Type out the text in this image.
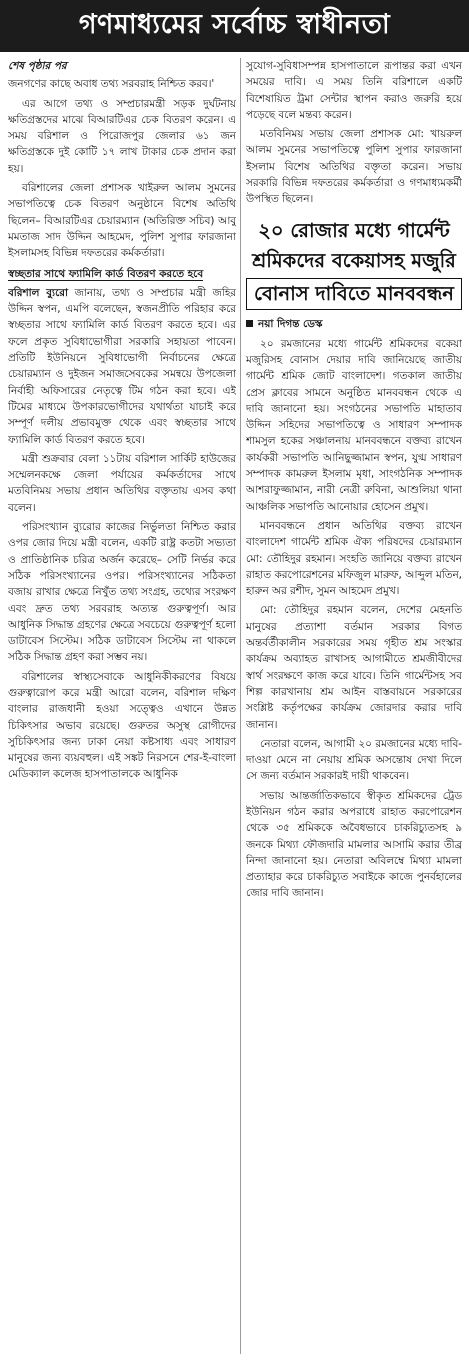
গণমাধ্যমের সর্বোচ্চ স্বাধীনতা
শেষ পৃষ্ঠার পর

জনগণের কাছে অবাধ তথ্য সরবরাহ নিশ্চিত করব।'

এর আগে তথ্য ও সম্প্রচারমন্ত্রী সড়ক দুর্ঘটনায় ক্ষতিগ্রস্তদের মাঝে বিআরটিএর চেক বিতরণ করেন। এ সময় বরিশাল ও পিরোজপুর জেলার ৬১ জন ক্ষতিগ্রস্তকে দুই কোটি ১৭ লাখ টাকার চেক প্রদান করা হয়।

বরিশালের জেলা প্রশাসক খাইরুল আলম সুমনের সভাপতিত্বে চেক বিতরণ অনুষ্ঠানে বিশেষ অতিথি ছিলেন– বিআরটিএর চেয়ারম্যান (অতিরিক্ত সচিব) আবু মমতাজ সাদ উদ্দিন আহমেদ, পুলিশ সুপার ফারজানা ইসলামসহ বিভিন্ন দফতরের কর্মকর্তারা।

স্বচ্ছতার সাথে ফ্যামিলি কার্ড বিতরণ করতে হবে

বরিশাল ব্যুরো জানায়, তথ্য ও সম্প্রচার মন্ত্রী জহির উদ্দিন স্বপন, এমপি বলেছেন, স্বজনপ্রীতি পরিহার করে স্বচ্ছতার সাথে ফ্যামিলি কার্ড বিতরণ করতে হবে। এর ফলে প্রকৃত সুবিধাভোগীরা সরকারি সহায়তা পাবেন। প্রতিটি ইউনিয়নে সুবিধাভোগী নির্বাচনের ক্ষেত্রে চেয়ারম্যান ও দুইজন সমাজসেবকের সমন্বয়ে উপজেলা নির্বাহী অফিসারের নেতৃত্বে টিম গঠন করা হবে। এই টিমের মাধ্যমে উপকারভোগীদের যথার্থতা যাচাই করে সম্পূর্ণ দলীয় প্রভাবমুক্ত থেকে এবং স্বচ্ছতার সাথে ফ্যামিলি কার্ড বিতরণ করতে হবে।

মন্ত্রী শুক্রবার বেলা ১১টায় বরিশাল সার্কিট হাউজের সম্মেলনকক্ষে জেলা পর্যায়ের কর্মকর্তাদের সাথে মতবিনিময় সভায় প্রধান অতিথির বক্তৃতায় এসব কথা বলেন।

পরিসংখ্যান ব্যুরোর কাজের নির্ভুলতা নিশ্চিত করার ওপর জোর দিয়ে মন্ত্রী বলেন, একটি রাষ্ট্র কতটা সভ্যতা ও প্রাতিষ্ঠানিক চরিত্র অর্জন করেছে– সেটি নির্ভর করে সঠিক পরিসংখ্যানের ওপর। পরিসংখ্যানের সঠিকতা বজায় রাখার ক্ষেত্রে নিখুঁত তথ্য সংগ্রহ, তথ্যের সংরক্ষণ এবং দ্রুত তথ্য সরবরাহ অত্যন্ত গুরুত্বপূর্ণ। আর আধুনিক সিদ্ধান্ত গ্রহণের ক্ষেত্রে সবচেয়ে গুরুত্বপূর্ণ হলো ডাটাবেস সিস্টেম। সঠিক ডাটাবেস সিস্টেম না থাকলে সঠিক সিদ্ধান্ত গ্রহণ করা সম্ভব নয়।

বরিশালের স্বাস্থ্যসেবাকে আধুনিকীকরণের বিষয়ে গুরুত্বারোপ করে মন্ত্রী আরো বলেন, বরিশাল দক্ষিণ বাংলার রাজধানী হওয়া সত্ত্বেও এখানে উন্নত চিকিৎসার অভাব রয়েছে। গুরুতর অসুস্থ রোগীদের সুচিকিৎসার জন্য ঢাকা নেয়া কষ্টসাধ্য এবং সাধারণ মানুষের জন্য ব্যয়বহুল। এই সঙ্কট নিরসনে শের-ই-বাংলা মেডিক্যাল কলেজ হাসপাতালকে আধুনিক

সুযোগ-সুবিধাসম্পন্ন হাসপাতালে রূপান্তর করা এখন সময়ের দাবি। এ সময় তিনি বরিশালে একটি বিশেষায়িত ট্রমা সেন্টার স্থাপন করাও জরুরি হয়ে পড়েছে বলে মন্তব্য করেন।

মতবিনিময় সভায় জেলা প্রশাসক মো: খায়রুল আলম সুমনের সভাপতিত্বে পুলিশ সুপার ফারজানা ইসলাম বিশেষ অতিথির বক্তৃতা করেন। সভায় সরকারি বিভিন্ন দফতরের কর্মকর্তারা ও গণমাধ্যমকর্মী উপস্থিত ছিলেন।

২০ রোজার মধ্যে গার্মেন্ট
শ্রমিকদের বকেয়াসহ মজুরি
বোনাস দাবিতে মানববন্ধন
নয়া দিগন্ত ডেস্ক

২০ রমজানের মধ্যে গার্মেন্ট শ্রমিকদের বকেয়া মজুরিসহ বোনাস দেয়ার দাবি জানিয়েছে জাতীয় গার্মেন্ট শ্রমিক জোট বাংলাদেশ। গতকাল জাতীয় প্রেস ক্লাবের সামনে অনুষ্ঠিত মানববন্ধন থেকে এ দাবি জানানো হয়। সংগঠনের সভাপতি মাহাতাব উদ্দিন সহিদের সভাপতিত্বে ও সাধারণ সম্পাদক শামসুল হকের সঞ্চালনায় মানববন্ধনে বক্তব্য রাখেন কার্যকরী সভাপতি আনিছুজ্জামান স্বপন, যুগ্ম সাধারণ সম্পাদক কামরুল ইসলাম মৃধা, সাংগঠনিক সম্পাদক আশরাফুজ্জামান, নারী নেত্রী রুবিনা, আশুলিয়া থানা আঞ্চলিক সভাপতি আনোয়ার হোসেন প্রমুখ।

মানববন্ধনে প্রধান অতিথির বক্তব্য রাখেন বাংলাদেশ গার্মেন্ট শ্রমিক ঐক্য পরিষদের চেয়ারম্যান মো: তৌহিদুর রহমান। সংহতি জানিয়ে বক্তব্য রাখেন রাহাত করপোরেশনের মফিজুল মারুফ, আব্দুল মতিন, হারুন অর রশীদ, সুমন আহমেদ প্রমুখ।

মো: তৌহিদুর রহমান বলেন, দেশের মেহনতি মানুষের প্রত্যাশা বর্তমান সরকার বিগত অন্তর্বর্তীকালীন সরকারের সময় গৃহীত শ্রম সংস্কার কার্যক্রম অব্যাহত রাখাসহ আগামীতে শ্রমজীবীদের স্বার্থ সংরক্ষণে কাজ করে যাবে। তিনি গার্মেন্টসহ সব শিল্প কারখানায় শ্রম আইন বাস্তবায়নে সরকারের সংশ্লিষ্ট কর্তৃপক্ষের কার্যক্রম জোরদার করার দাবি জানান।

নেতারা বলেন, আগামী ২০ রমজানের মধ্যে দাবি-দাওয়া মেনে না নেয়ায় শ্রমিক অসন্তোষ দেখা দিলে সে জন্য বর্তমান সরকারই দায়ী থাকবেন।

সভায় আন্তর্জাতিকভাবে স্বীকৃত শ্রমিকদের ট্রেড ইউনিয়ন গঠন করার অপরাধে রাহাত করপোরেশন থেকে ৩৫ শ্রমিককে অবৈধভাবে চাকরিচ্যুতসহ ৯ জনকে মিথ্যা ফৌজদারি মামলার আসামি করার তীব্র নিন্দা জানানো হয়। নেতারা অবিলম্বে মিথ্যা মামলা প্রত্যাহার করে চাকরিচ্যুত সবাইকে কাজে পুনর্বহালের জোর দাবি জানান।
